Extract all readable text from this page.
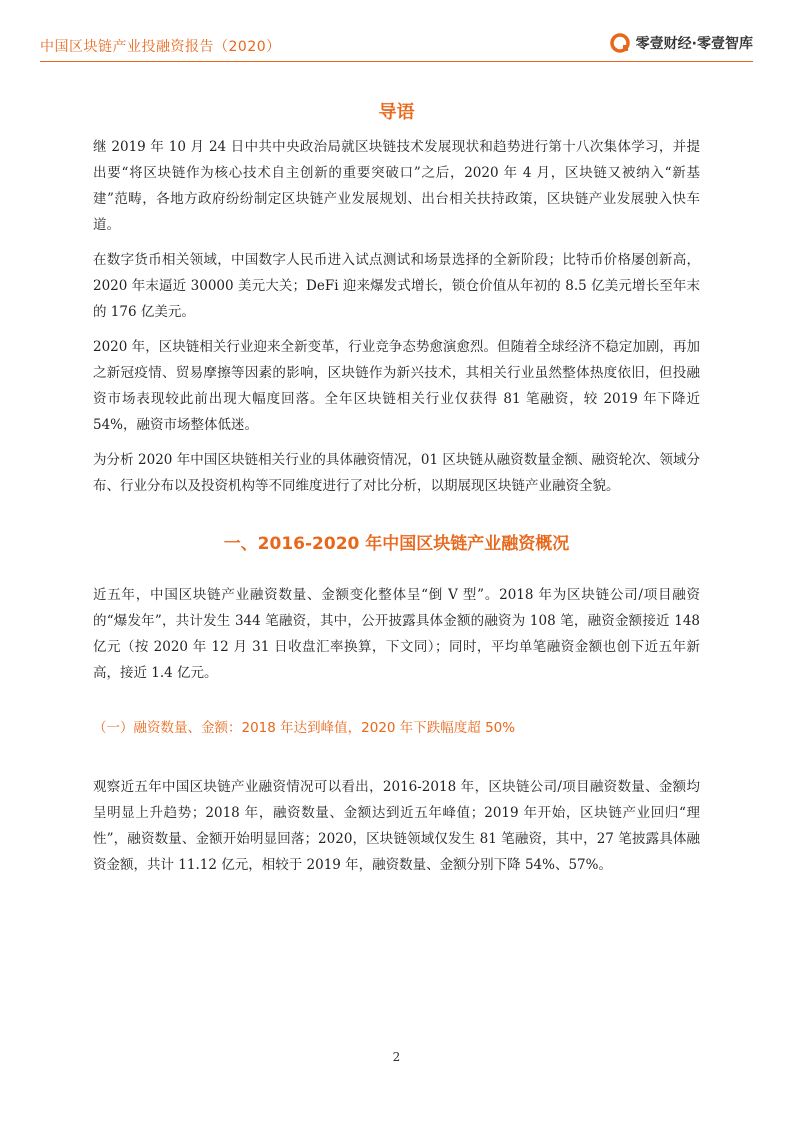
中国区块链产业投融资报告（2020）	零壹财经·零壹智库
导语

继 2019 年 10 月 24 日中共中央政治局就区块链技术发展现状和趋势进行第十八次集体学习，并提出要“将区块链作为核心技术自主创新的重要突破口”之后，2020 年 4 月，区块链又被纳入“新基建”范畴，各地方政府纷纷制定区块链产业发展规划、出台相关扶持政策，区块链产业发展驶入快车道。

在数字货币相关领域，中国数字人民币进入试点测试和场景选择的全新阶段；比特币价格屡创新高，2020 年末逼近 30000 美元大关；DeFi 迎来爆发式增长，锁仓价值从年初的 8.5 亿美元增长至年末的 176 亿美元。

2020 年，区块链相关行业迎来全新变革，行业竞争态势愈演愈烈。但随着全球经济不稳定加剧，再加之新冠疫情、贸易摩擦等因素的影响，区块链作为新兴技术，其相关行业虽然整体热度依旧，但投融资市场表现较此前出现大幅度回落。全年区块链相关行业仅获得 81 笔融资，较 2019 年下降近 54%，融资市场整体低迷。

为分析 2020 年中国区块链相关行业的具体融资情况，01 区块链从融资数量金额、融资轮次、领域分布、行业分布以及投资机构等不同维度进行了对比分析，以期展现区块链产业融资全貌。

一、2016-2020 年中国区块链产业融资概况

近五年，中国区块链产业融资数量、金额变化整体呈“倒 V 型”。2018 年为区块链公司/项目融资的“爆发年”，共计发生 344 笔融资，其中，公开披露具体金额的融资为 108 笔，融资金额接近 148 亿元（按 2020 年 12 月 31 日收盘汇率换算，下文同）；同时，平均单笔融资金额也创下近五年新高，接近 1.4 亿元。

（一）融资数量、金额：2018 年达到峰值，2020 年下跌幅度超 50%

观察近五年中国区块链产业融资情况可以看出，2016-2018 年，区块链公司/项目融资数量、金额均呈明显上升趋势；2018 年，融资数量、金额达到近五年峰值；2019 年开始，区块链产业回归“理性”，融资数量、金额开始明显回落；2020，区块链领域仅发生 81 笔融资，其中，27 笔披露具体融资金额，共计 11.12 亿元，相较于 2019 年，融资数量、金额分别下降 54%、57%。

2
